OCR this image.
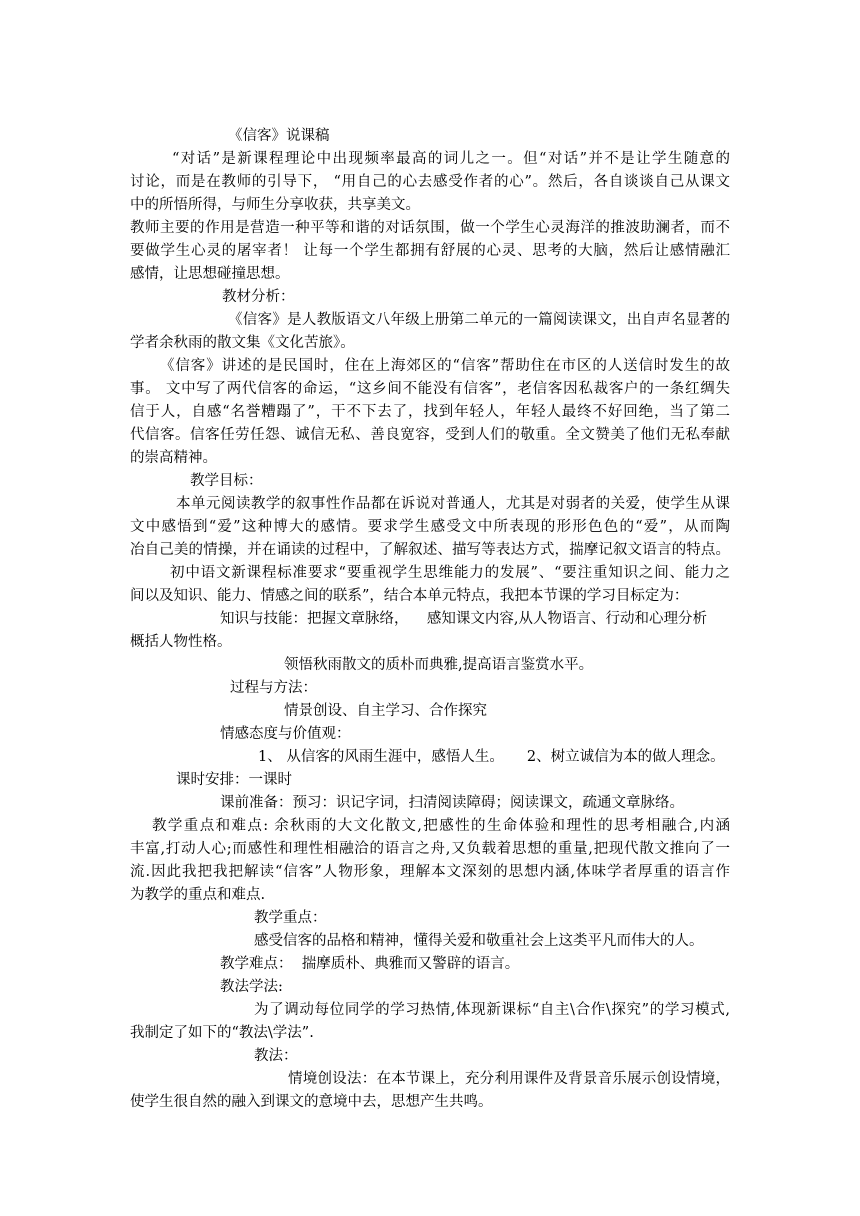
《信客》说课稿
“对话”是新课程理论中出现频率最高的词儿之一。但“对话”并不是让学生随意的
讨论，而是在教师的引导下， “用自己的心去感受作者的心”。然后，各自谈谈自己从课文
中的所悟所得，与师生分享收获，共享美文。
教师主要的作用是营造一种平等和谐的对话氛围，做一个学生心灵海洋的推波助澜者，而不
要做学生心灵的屠宰者！ 让每一个学生都拥有舒展的心灵、思考的大脑，然后让感情融汇
感情，让思想碰撞思想。
教材分析：
《信客》是人教版语文八年级上册第二单元的一篇阅读课文，出自声名显著的
学者余秋雨的散文集《文化苦旅》。
《信客》讲述的是民国时，住在上海郊区的“信客”帮助住在市区的人送信时发生的故
事。 文中写了两代信客的命运，“这乡间不能没有信客”，老信客因私裁客户的一条红绸失
信于人，自感“名誉糟蹋了”，干不下去了，找到年轻人，年轻人最终不好回绝，当了第二
代信客。信客任劳任怨、诚信无私、善良宽容，受到人们的敬重。全文赞美了他们无私奉献
的崇高精神。
教学目标：
本单元阅读教学的叙事性作品都在诉说对普通人，尤其是对弱者的关爱，使学生从课
文中感悟到“爱”这种博大的感情。要求学生感受文中所表现的形形色色的“爱”，从而陶
冶自己美的情操，并在诵读的过程中，了解叙述、描写等表达方式，揣摩记叙文语言的特点。
初中语文新课程标准要求“要重视学生思维能力的发展”、“要注重知识之间、能力之
间以及知识、能力、情感之间的联系”，结合本单元特点，我把本节课的学习目标定为：
知识与技能：把握文章脉络，    感知课文内容,从人物语言、行动和心理分析
概括人物性格。
领悟秋雨散文的质朴而典雅,提高语言鉴赏水平。
过程与方法：
情景创设、自主学习、合作探究
情感态度与价值观：
1、 从信客的风雨生涯中，感悟人生。     2、树立诚信为本的做人理念。
课时安排：一课时
课前准备：预习：识记字词，扫清阅读障碍；阅读课文，疏通文章脉络。
教学重点和难点: 余秋雨的大文化散文,把感性的生命体验和理性的思考相融合,内涵
丰富,打动人心;而感性和理性相融洽的语言之舟,又负载着思想的重量,把现代散文推向了一
流.因此我把我把解读“信客”人物形象，理解本文深刻的思想内涵,体味学者厚重的语言作
为教学的重点和难点.
教学重点：
感受信客的品格和精神，懂得关爱和敬重社会上这类平凡而伟大的人。
教学难点：  揣摩质朴、典雅而又警辟的语言。
教法学法:
为了调动每位同学的学习热情,体现新课标“自主\合作\探究”的学习模式,
我制定了如下的“教法\学法”.
教法：
情境创设法：在本节课上，充分利用课件及背景音乐展示创设情境，
使学生很自然的融入到课文的意境中去，思想产生共鸣。
